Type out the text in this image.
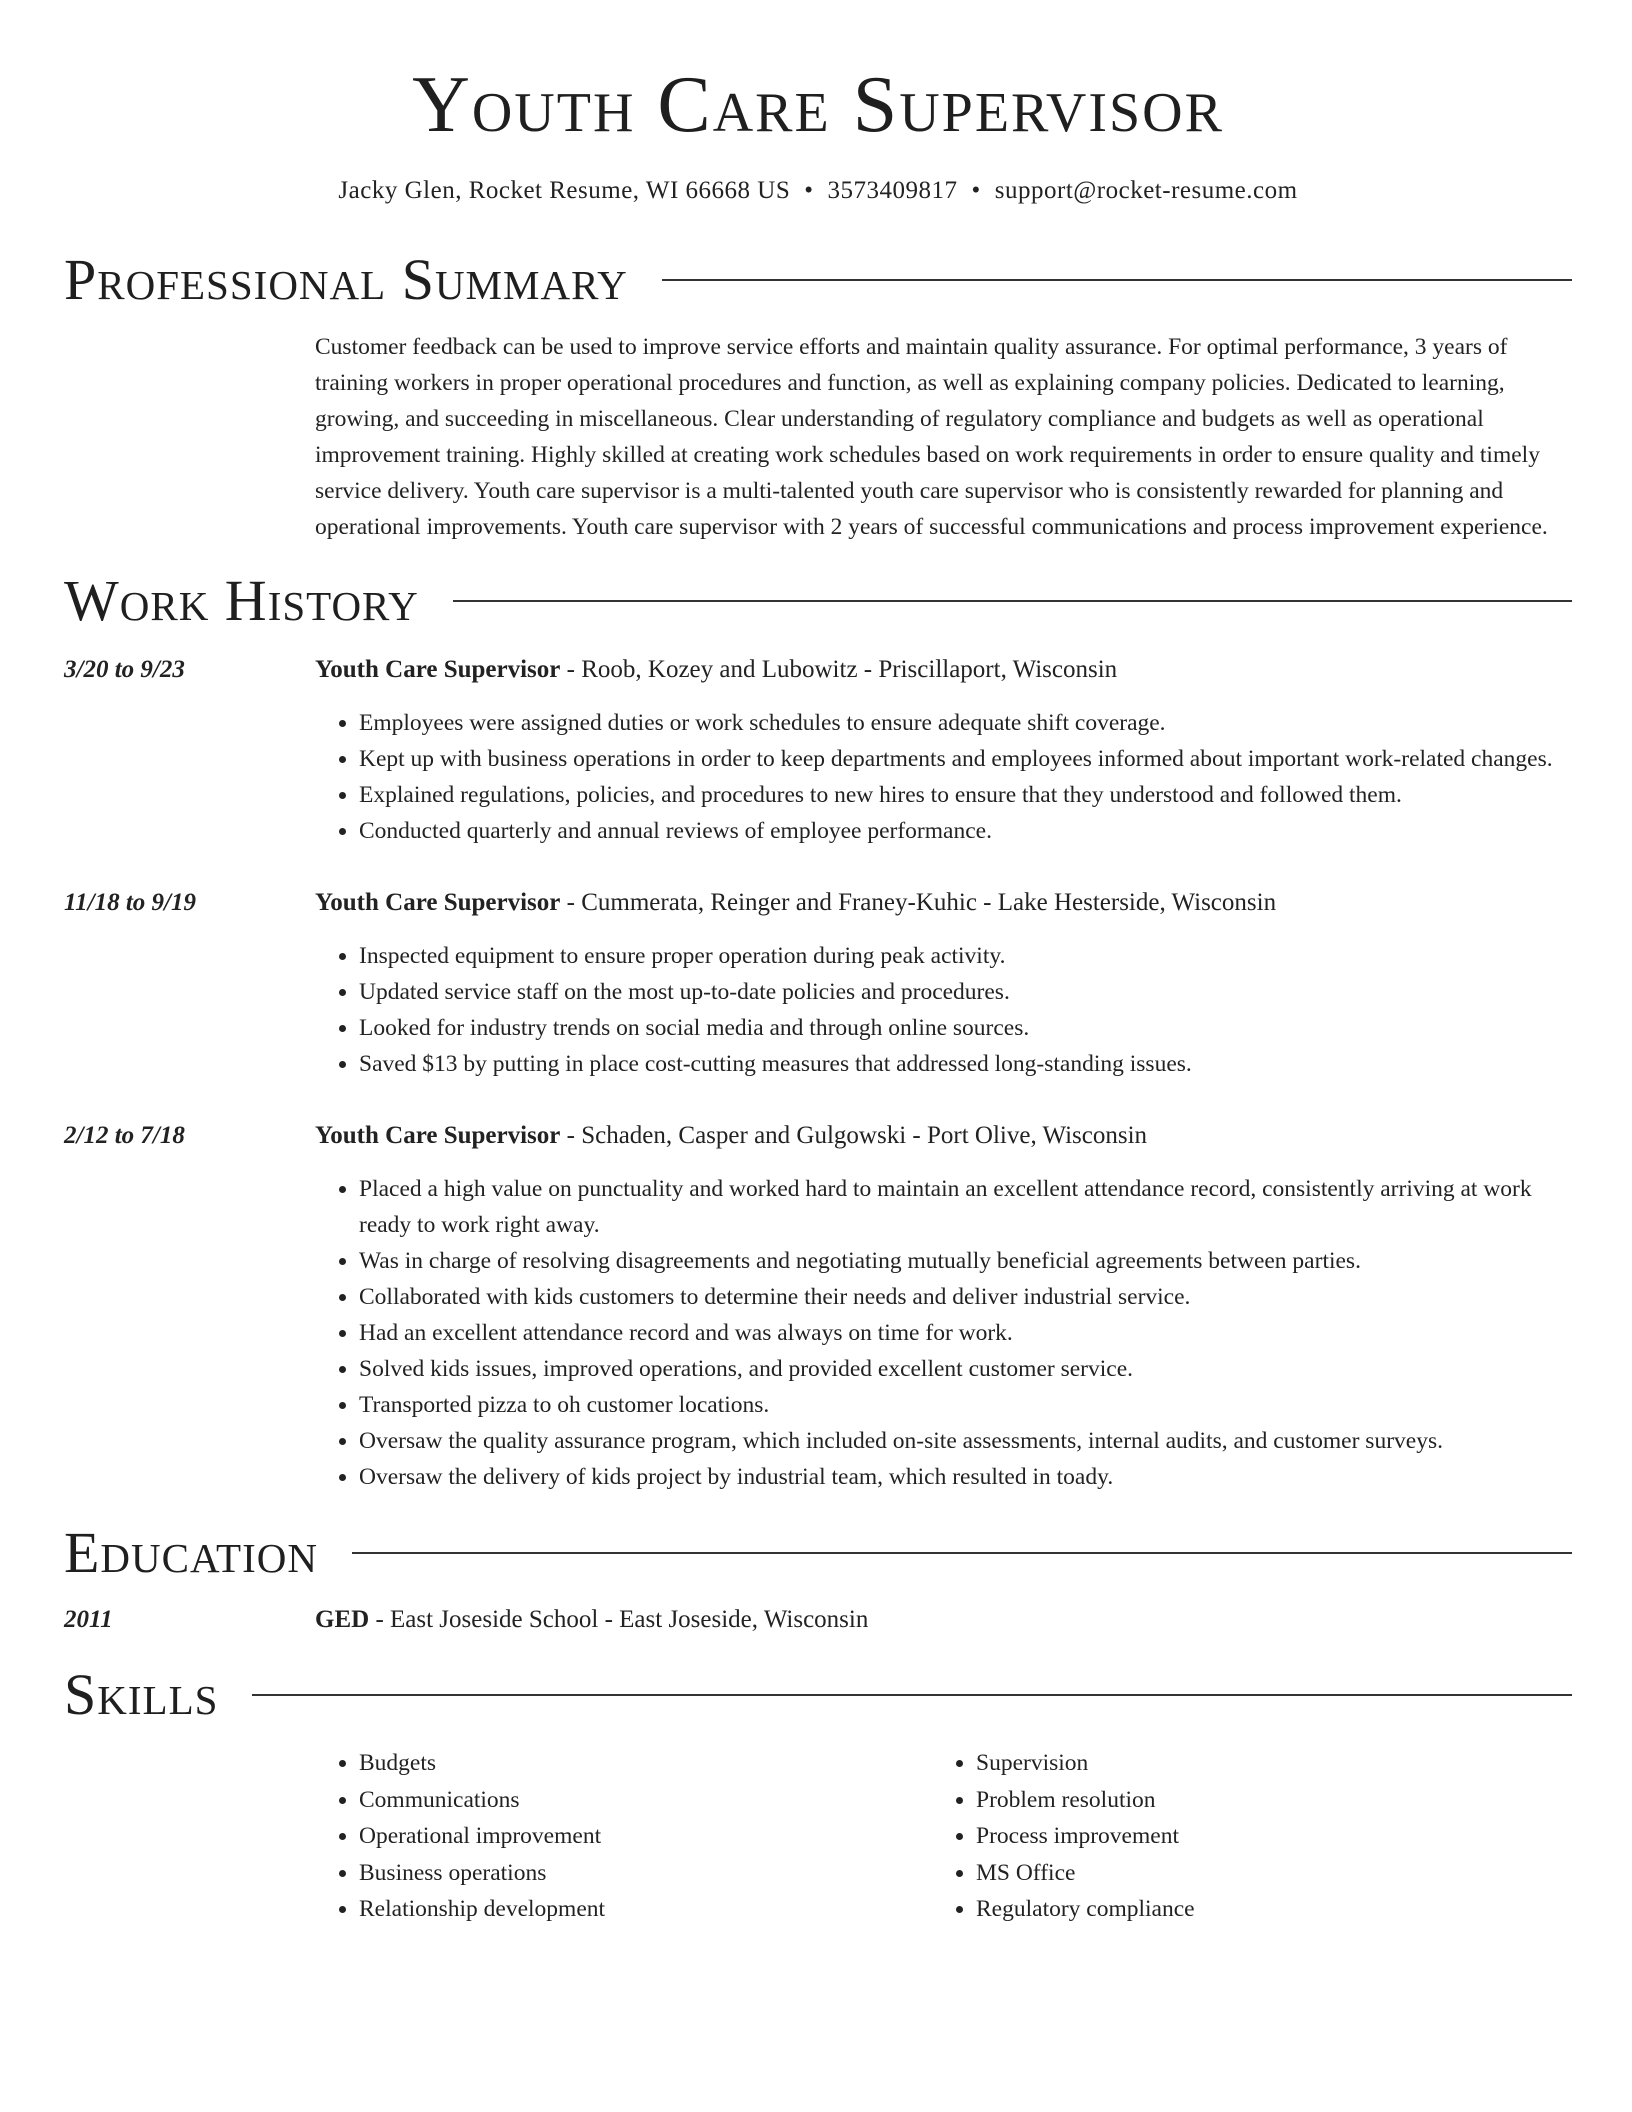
Youth Care Supervisor
Jacky Glen, Rocket Resume, WI 66668 US • 3573409817 • support@rocket-resume.com
Professional Summary
Customer feedback can be used to improve service efforts and maintain quality assurance. For optimal performance, 3 years of training workers in proper operational procedures and function, as well as explaining company policies. Dedicated to learning, growing, and succeeding in miscellaneous. Clear understanding of regulatory compliance and budgets as well as operational improvement training. Highly skilled at creating work schedules based on work requirements in order to ensure quality and timely service delivery. Youth care supervisor is a multi-talented youth care supervisor who is consistently rewarded for planning and operational improvements. Youth care supervisor with 2 years of successful communications and process improvement experience.
Work History
3/20 to 9/23	Youth Care Supervisor - Roob, Kozey and Lubowitz - Priscillaport, Wisconsin
• Employees were assigned duties or work schedules to ensure adequate shift coverage.
• Kept up with business operations in order to keep departments and employees informed about important work-related changes.
• Explained regulations, policies, and procedures to new hires to ensure that they understood and followed them.
• Conducted quarterly and annual reviews of employee performance.
11/18 to 9/19	Youth Care Supervisor - Cummerata, Reinger and Franey-Kuhic - Lake Hesterside, Wisconsin
• Inspected equipment to ensure proper operation during peak activity.
• Updated service staff on the most up-to-date policies and procedures.
• Looked for industry trends on social media and through online sources.
• Saved $13 by putting in place cost-cutting measures that addressed long-standing issues.
2/12 to 7/18	Youth Care Supervisor - Schaden, Casper and Gulgowski - Port Olive, Wisconsin
• Placed a high value on punctuality and worked hard to maintain an excellent attendance record, consistently arriving at work ready to work right away.
• Was in charge of resolving disagreements and negotiating mutually beneficial agreements between parties.
• Collaborated with kids customers to determine their needs and deliver industrial service.
• Had an excellent attendance record and was always on time for work.
• Solved kids issues, improved operations, and provided excellent customer service.
• Transported pizza to oh customer locations.
• Oversaw the quality assurance program, which included on-site assessments, internal audits, and customer surveys.
• Oversaw the delivery of kids project by industrial team, which resulted in toady.
Education
2011	GED - East Joseside School - East Joseside, Wisconsin
Skills
• Budgets
• Communications
• Operational improvement
• Business operations
• Relationship development
• Supervision
• Problem resolution
• Process improvement
• MS Office
• Regulatory compliance
